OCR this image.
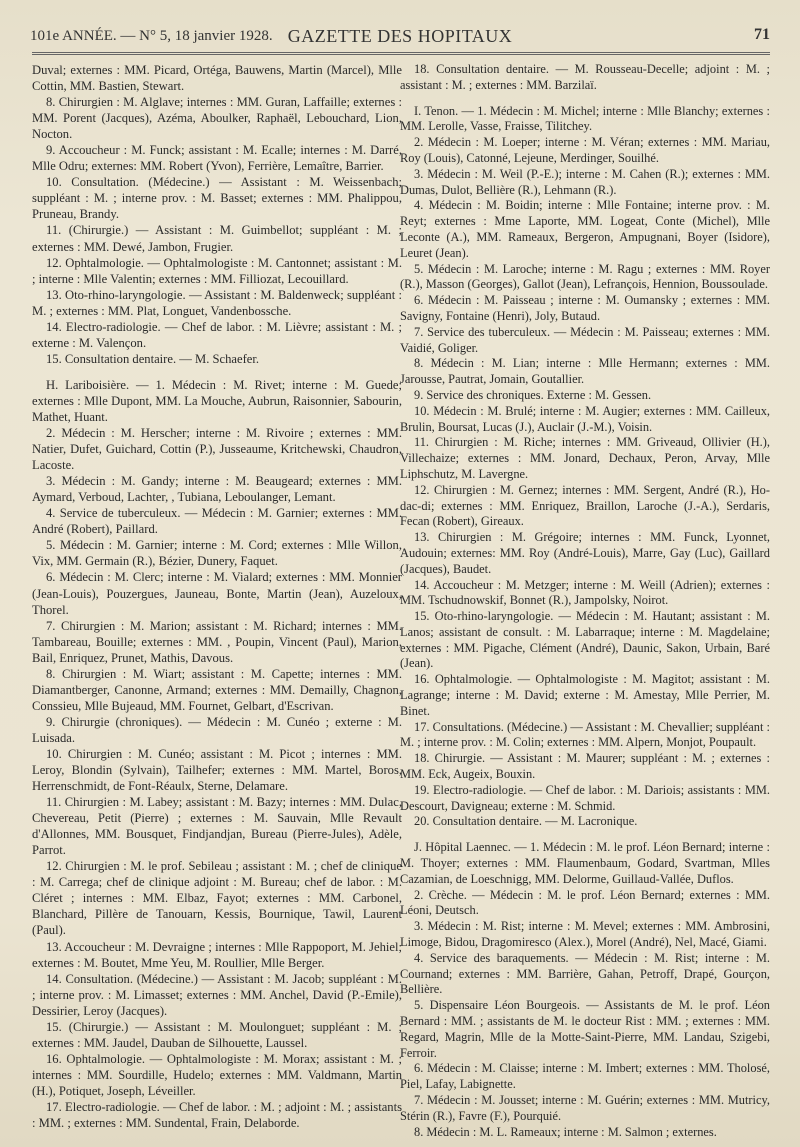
101e ANNÉE. — N° 5, 18 janvier 1928. GAZETTE DES HOPITAUX	71

Duval; externes : MM. Picard, Ortéga, Bauwens, Martin (Marcel), Mlle Cottin, MM. Bastien, Stewart.

8. Chirurgien : M. Alglave; internes : MM. Guran, Laffaille; externes : MM. Porent (Jacques), Azéma, Aboulker, Raphaël, Lebouchard, Lion, Nocton.

9. Accoucheur : M. Funck; assistant : M. Ecalle; internes : M. Darré, Mlle Odru; externes: MM. Robert (Yvon), Ferrière, Lemaître, Barrier.

10. Consultation. (Médecine.) — Assistant : M. Weissenbach; suppléant : M. ; interne prov. : M. Basset; externes : MM. Phalippou, Pruneau, Brandy.

11. (Chirurgie.) — Assistant : M. Guimbellot; suppléant : M. ; externes : MM. Dewé, Jambon, Frugier.

12. Ophtalmologie. — Ophtalmologiste : M. Cantonnet; assistant : M. ; interne : Mlle Valentin; externes : MM. Filliozat, Lecouillard.

13. Oto-rhino-laryngologie. — Assistant : M. Baldenweck; suppléant : M. ; externes : MM. Plat, Longuet, Vandenbossche.

14. Electro-radiologie. — Chef de labor. : M. Lièvre; assistant : M. ; externe : M. Valençon.

15. Consultation dentaire. — M. Schaefer.

H. Lariboisière. — 1. Médecin : M. Rivet; interne : M. Guede; externes : Mlle Dupont, MM. La Mouche, Aubrun, Raisonnier, Sabourin, Mathet, Huant.

2. Médecin : M. Herscher; interne : M. Rivoire ; externes : MM. Natier, Dufet, Guichard, Cottin (P.), Jusseaume, Kritchewski, Chaudron, Lacoste.

3. Médecin : M. Gandy; interne : M. Beaugeard; externes : MM. Aymard, Verboud, Lachter, , Tubiana, Leboulanger, Lemant.

4. Service de tuberculeux. — Médecin : M. Garnier; externes : MM. André (Robert), Paillard.

5. Médecin : M. Garnier; interne : M. Cord; externes : Mlle Willon, Vix, MM. Germain (R.), Bézier, Dunery, Faquet.

6. Médecin : M. Clerc; interne : M. Vialard; externes : MM. Monnier (Jean-Louis), Pouzergues, Jauneau, Bonte, Martin (Jean), Auzeloux, Thorel.

7. Chirurgien : M. Marion; assistant : M. Richard; internes : MM. Tambareau, Bouille; externes : MM. , Poupin, Vincent (Paul), Marion, Bail, Enriquez, Prunet, Mathis, Davous.

8. Chirurgien : M. Wiart; assistant : M. Capette; internes : MM. Diamantberger, Canonne, Armand; externes : MM. Demailly, Chagnon, Conssieu, Mlle Bujeaud, MM. Fournet, Gelbart, d'Escrivan.

9. Chirurgie (chroniques). — Médecin : M. Cunéo ; externe : M. Luisada.

10. Chirurgien : M. Cunéo; assistant : M. Picot ; internes : MM. Leroy, Blondin (Sylvain), Tailhefer; externes : MM. Martel, Boros, Herrenschmidt, de Font-Réaulx, Sterne, Delamare.

11. Chirurgien : M. Labey; assistant : M. Bazy; internes : MM. Dulac, Chevereau, Petit (Pierre) ; externes : M. Sauvain, Mlle Revault d'Allonnes, MM. Bousquet, Findjandjan, Bureau (Pierre-Jules), Adèle, Parrot.

12. Chirurgien : M. le prof. Sebileau ; assistant : M. ; chef de clinique : M. Carrega; chef de clinique adjoint : M. Bureau; chef de labor. : M. Cléret ; internes : MM. Elbaz, Fayot; externes : MM. Carbonel, Blanchard, Pillère de Tanouarn, Kessis, Bournique, Tawil, Laurent (Paul).

13. Accoucheur : M. Devraigne ; internes : Mlle Rappoport, M. Jehiel; externes : M. Boutet, Mme Yeu, M. Roullier, Mlle Berger.

14. Consultation. (Médecine.) — Assistant : M. Jacob; suppléant : M. ; interne prov. : M. Limasset; externes : MM. Anchel, David (P.-Emile), Dessirier, Leroy (Jacques).

15. (Chirurgie.) — Assistant : M. Moulonguet; suppléant : M. ; externes : MM. Jaudel, Dauban de Silhouette, Laussel.

16. Ophtalmologie. — Ophtalmologiste : M. Morax; assistant : M. ; internes : MM. Sourdille, Hudelo; externes : MM. Valdmann, Martin (H.), Potiquet, Joseph, Léveiller.

17. Electro-radiologie. — Chef de labor. : M. ; adjoint : M. ; assistants : MM. ; externes : MM. Sundental, Frain, Delaborde.

18. Consultation dentaire. — M. Rousseau-Decelle; adjoint : M. ; assistant : M. ; externes : MM. Barzilaï.

I. Tenon. — 1. Médecin : M. Michel; interne : Mlle Blanchy; externes : MM. Lerolle, Vasse, Fraisse, Tilitchey.

2. Médecin : M. Loeper; interne : M. Véran; externes : MM. Mariau, Roy (Louis), Catonné, Lejeune, Merdinger, Souilhé.

3. Médecin : M. Weil (P.-E.); interne : M. Cahen (R.); externes : MM. Dumas, Dulot, Bellière (R.), Lehmann (R.).

4. Médecin : M. Boidin; interne : Mlle Fontaine; interne prov. : M. Reyt; externes : Mme Laporte, MM. Logeat, Conte (Michel), Mlle Leconte (A.), MM. Rameaux, Bergeron, Ampugnani, Boyer (Isidore), Leuret (Jean).

5. Médecin : M. Laroche; interne : M. Ragu ; externes : MM. Royer (R.), Masson (Georges), Gallot (Jean), Lefrançois, Hennion, Boussoulade.

6. Médecin : M. Paisseau ; interne : M. Oumansky ; externes : MM. Savigny, Fontaine (Henri), Joly, Butaud.

7. Service des tuberculeux. — Médecin : M. Paisseau; externes : MM. Vaidié, Goliger.

8. Médecin : M. Lian; interne : Mlle Hermann; externes : MM. Jarousse, Pautrat, Jomain, Goutallier.

9. Service des chroniques. Externe : M. Gessen.

10. Médecin : M. Brulé; interne : M. Augier; externes : MM. Cailleux, Brulin, Boursat, Lucas (J.), Auclair (J.-M.), Voisin.

11. Chirurgien : M. Riche; internes : MM. Griveaud, Ollivier (H.), Villechaize; externes : MM. Jonard, Dechaux, Peron, Arvay, Mlle Liphschutz, M. Lavergne.

12. Chirurgien : M. Gernez; internes : MM. Sergent, André (R.), Ho-dac-di; externes : MM. Enriquez, Braillon, Laroche (J.-A.), Serdaris, Fecan (Robert), Gireaux.

13. Chirurgien : M. Grégoire; internes : MM. Funck, Lyonnet, Audouin; externes: MM. Roy (André-Louis), Marre, Gay (Luc), Gaillard (Jacques), Baudet.

14. Accoucheur : M. Metzger; interne : M. Weill (Adrien); externes : MM. Tschudnowskif, Bonnet (R.), Jampolsky, Noirot.

15. Oto-rhino-laryngologie. — Médecin : M. Hautant; assistant : M. Lanos; assistant de consult. : M. Labarraque; interne : M. Magdelaine; externes : MM. Pigache, Clément (André), Daunic, Sakon, Urbain, Baré (Jean).

16. Ophtalmologie. — Ophtalmologiste : M. Magitot; assistant : M. Lagrange; interne : M. David; externe : M. Amestay, Mlle Perrier, M. Binet.

17. Consultations. (Médecine.) — Assistant : M. Chevallier; suppléant : M. ; interne prov. : M. Colin; externes : MM. Alpern, Monjot, Poupault.

18. Chirurgie. — Assistant : M. Maurer; suppléant : M. ; externes : MM. Eck, Augeix, Bouxin.

19. Electro-radiologie. — Chef de labor. : M. Dariois; assistants : MM. Descourt, Davigneau; externe : M. Schmid.

20. Consultation dentaire. — M. Lacronique.

J. Hôpital Laennec. — 1. Médecin : M. le prof. Léon Bernard; interne : M. Thoyer; externes : MM. Flaumenbaum, Godard, Svartman, Mlles Cazamian, de Loeschnigg, MM. Delorme, Guillaud-Vallée, Duflos.

2. Crèche. — Médecin : M. le prof. Léon Bernard; externes : MM. Léoni, Deutsch.

3. Médecin : M. Rist; interne : M. Mevel; externes : MM. Ambrosini, Limoge, Bidou, Dragomiresco (Alex.), Morel (André), Nel, Macé, Giami.

4. Service des baraquements. — Médecin : M. Rist; interne : M. Cournand; externes : MM. Barrière, Gahan, Petroff, Drapé, Gourçon, Bellière.

5. Dispensaire Léon Bourgeois. — Assistants de M. le prof. Léon Bernard : MM. ; assistants de M. le docteur Rist : MM. ; externes : MM. Regard, Magrin, Mlle de la Motte-Saint-Pierre, MM. Landau, Szigebi, Ferroir.

6. Médecin : M. Claisse; interne : M. Imbert; externes : MM. Tholosé, Piel, Lafay, Labignette.

7. Médecin : M. Jousset; interne : M. Guérin; externes : MM. Mutricy, Stérin (R.), Favre (F.), Pourquié.

8. Médecin : M. L. Rameaux; interne : M. Salmon ; externes.
